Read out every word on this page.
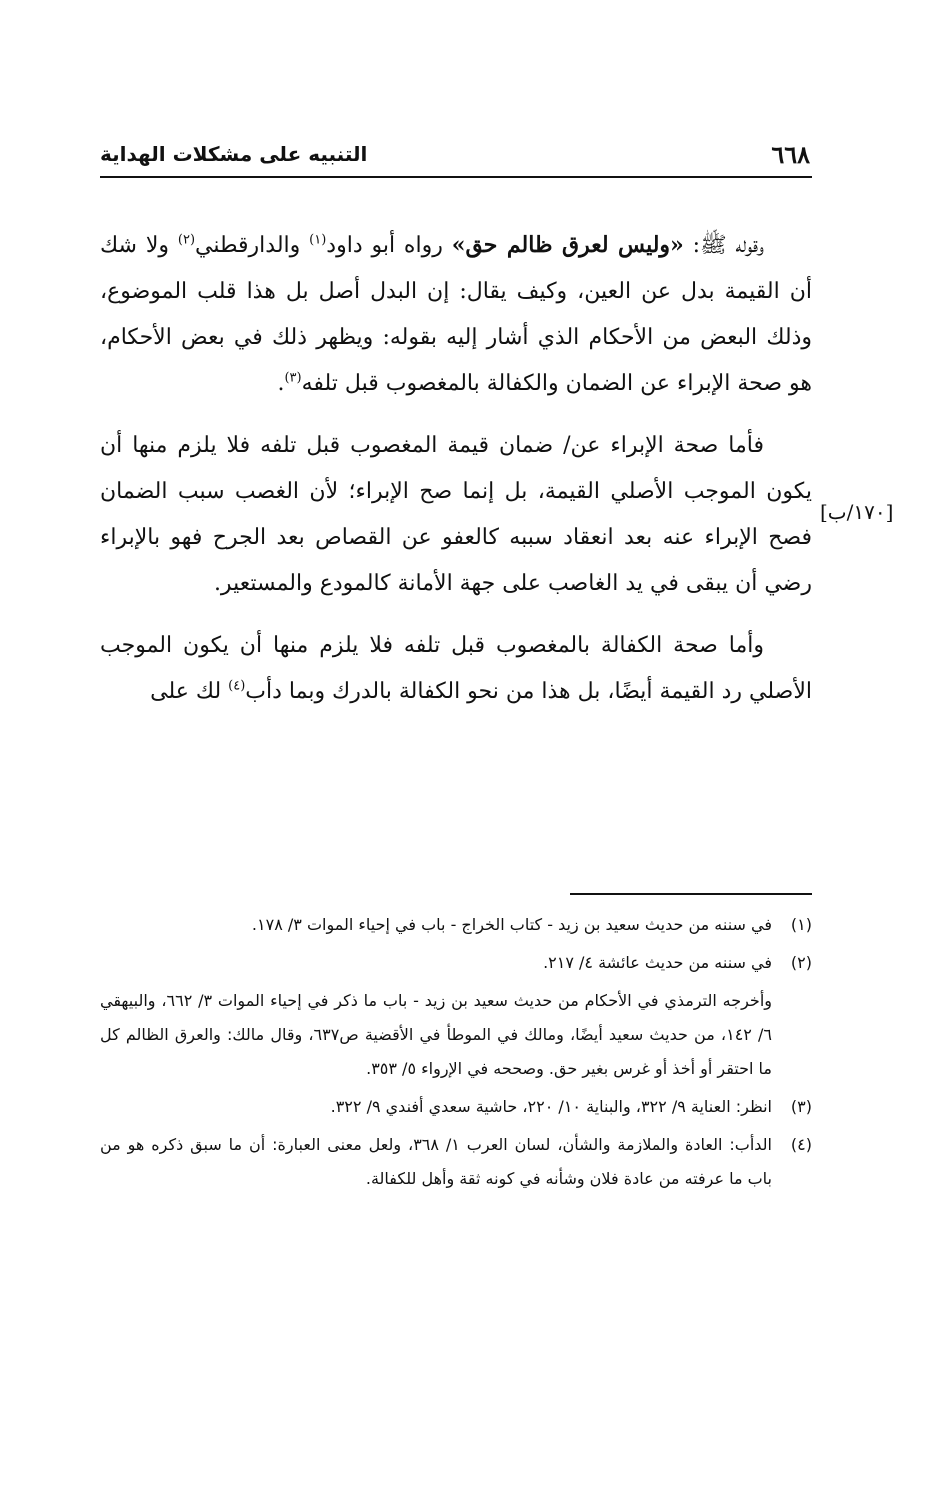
٦٦٨
التنبيه على مشكلات الهداية
[١٧٠/ب]

وقوله ﷺ: «وليس لعرق ظالم حق» رواه أبو داود$^{(١)}$ والدارقطني$^{(٢)}$ ولا شك أن القيمة بدل عن العين، وكيف يقال: إن البدل أصل بل هذا قلب الموضوع، وذلك البعض من الأحكام الذي أشار إليه بقوله: ويظهر ذلك في بعض الأحكام، هو صحة الإبراء عن الضمان والكفالة بالمغصوب قبل تلفه$^{(٣)}$.

فأما صحة الإبراء عن/ ضمان قيمة المغصوب قبل تلفه فلا يلزم منها أن يكون الموجب الأصلي القيمة، بل إنما صح الإبراء؛ لأن الغصب سبب الضمان فصح الإبراء عنه بعد انعقاد سببه كالعفو عن القصاص بعد الجرح فهو بالإبراء رضي أن يبقى في يد الغاصب على جهة الأمانة كالمودع والمستعير.

وأما صحة الكفالة بالمغصوب قبل تلفه فلا يلزم منها أن يكون الموجب الأصلي رد القيمة أيضًا، بل هذا من نحو الكفالة بالدرك وبما دأب$^{(٤)}$ لك على

(١)
في سننه من حديث سعيد بن زيد - كتاب الخراج - باب في إحياء الموات ٣/ ١٧٨.
(٢)
في سننه من حديث عائشة ٤/ ٢١٧.
وأخرجه الترمذي في الأحكام من حديث سعيد بن زيد - باب ما ذكر في إحياء الموات ٣/ ٦٦٢، والبيهقي ٦/ ١٤٢، من حديث سعيد أيضًا، ومالك في الموطأ في الأقضية ص٦٣٧، وقال مالك: والعرق الظالم كل ما احتقر أو أخذ أو غرس بغير حق. وصححه في الإرواء ٥/ ٣٥٣.
(٣)
انظر: العناية ٩/ ٣٢٢، والبناية ١٠/ ٢٢٠، حاشية سعدي أفندي ٩/ ٣٢٢.
(٤)
الدأب: العادة والملازمة والشأن، لسان العرب ١/ ٣٦٨، ولعل معنى العبارة: أن ما سبق ذكره هو من باب ما عرفته من عادة فلان وشأنه في كونه ثقة وأهل للكفالة.
